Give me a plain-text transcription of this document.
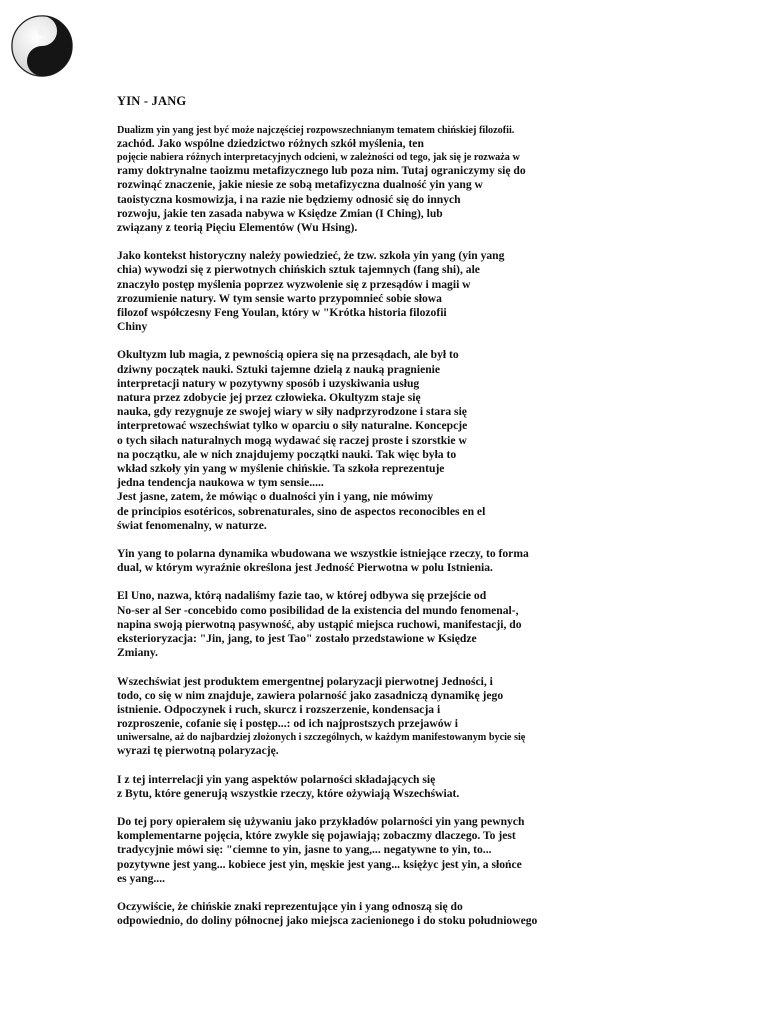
YIN - JANG
Dualizm yin yang jest być może najczęściej rozpowszechnianym tematem chińskiej filozofii.
zachód. Jako wspólne dziedzictwo różnych szkół myślenia, ten
pojęcie nabiera różnych interpretacyjnych odcieni, w zależności od tego, jak się je rozważa w
ramy doktrynalne taoizmu metafizycznego lub poza nim. Tutaj ograniczymy się do
rozwinąć znaczenie, jakie niesie ze sobą metafizyczna dualność yin yang w
taoistyczna kosmowizja, i na razie nie będziemy odnosić się do innych
rozwoju, jakie ten zasada nabywa w Księdze Zmian (I Ching), lub
związany z teorią Pięciu Elementów (Wu Hsing).
Jako kontekst historyczny należy powiedzieć, że tzw. szkoła yin yang (yin yang
chia) wywodzi się z pierwotnych chińskich sztuk tajemnych (fang shi), ale
znaczyło postęp myślenia poprzez wyzwolenie się z przesądów i magii w
zrozumienie natury. W tym sensie warto przypomnieć sobie słowa
filozof współczesny Feng Youlan, który w "Krótka historia filozofii
Chiny
Okultyzm lub magia, z pewnością opiera się na przesądach, ale był to
dziwny początek nauki. Sztuki tajemne dzielą z nauką pragnienie
interpretacji natury w pozytywny sposób i uzyskiwania usług
natura przez zdobycie jej przez człowieka. Okultyzm staje się
nauka, gdy rezygnuje ze swojej wiary w siły nadprzyrodzone i stara się
interpretować wszechświat tylko w oparciu o siły naturalne. Koncepcje
o tych siłach naturalnych mogą wydawać się raczej proste i szorstkie w
na początku, ale w nich znajdujemy początki nauki. Tak więc była to
wkład szkoły yin yang w myślenie chińskie. Ta szkoła reprezentuje
jedna tendencja naukowa w tym sensie.....
Jest jasne, zatem, że mówiąc o dualności yin i yang, nie mówimy
de principios esotéricos, sobrenaturales, sino de aspectos reconocibles en el
świat fenomenalny, w naturze.
Yin yang to polarna dynamika wbudowana we wszystkie istniejące rzeczy, to forma
dual, w którym wyraźnie określona jest Jedność Pierwotna w polu Istnienia.
El Uno, nazwa, którą nadaliśmy fazie tao, w której odbywa się przejście od
No-ser al Ser -concebido como posibilidad de la existencia del mundo fenomenal-,
napina swoją pierwotną pasywność, aby ustąpić miejsca ruchowi, manifestacji, do
eksterioryzacja: "Jin, jang, to jest Tao" zostało przedstawione w Księdze
Zmiany.
Wszechświat jest produktem emergentnej polaryzacji pierwotnej Jedności, i
todo, co się w nim znajduje, zawiera polarność jako zasadniczą dynamikę jego
istnienie. Odpoczynek i ruch, skurcz i rozszerzenie, kondensacja i
rozproszenie, cofanie się i postęp...: od ich najprostszych przejawów i
uniwersalne, aż do najbardziej złożonych i szczególnych, w każdym manifestowanym bycie się
wyrazi tę pierwotną polaryzację.
I z tej interrelacji yin yang aspektów polarności składających się
z Bytu, które generują wszystkie rzeczy, które ożywiają Wszechświat.
Do tej pory opierałem się używaniu jako przykładów polarności yin yang pewnych
komplementarne pojęcia, które zwykle się pojawiają; zobaczmy dlaczego. To jest
tradycyjnie mówi się: "ciemne to yin, jasne to yang,... negatywne to yin, to...
pozytywne jest yang... kobiece jest yin, męskie jest yang... księżyc jest yin, a słońce
es yang....
Oczywiście, że chińskie znaki reprezentujące yin i yang odnoszą się do
odpowiednio, do doliny północnej jako miejsca zacienionego i do stoku południowego
